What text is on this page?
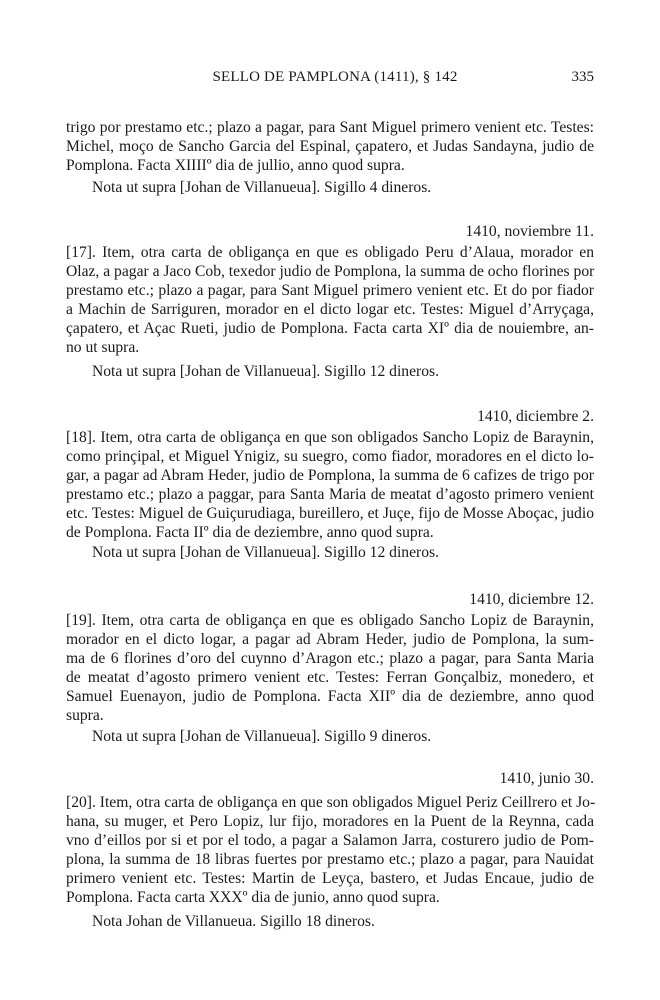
SELLO DE PAMPLONA (1411), § 142	335
trigo por prestamo etc.; plazo a pagar, para Sant Miguel primero venient etc. Testes:
Michel, moço de Sancho Garcia del Espinal, çapatero, et Judas Sandayna, judio de
Pomplona. Facta XIIIIº dia de jullio, anno quod supra.
Nota ut supra [Johan de Villanueua]. Sigillo 4 dineros.
1410, noviembre 11.
[17]. Item, otra carta de obligança en que es obligado Peru d’Alaua, morador en
Olaz, a pagar a Jaco Cob, texedor judio de Pomplona, la summa de ocho florines por
prestamo etc.; plazo a pagar, para Sant Miguel primero venient etc. Et do por fiador
a Machin de Sarriguren, morador en el dicto logar etc. Testes: Miguel d’Arryçaga,
çapatero, et Açac Rueti, judio de Pomplona. Facta carta XIº dia de nouiembre, an-
no ut supra.
Nota ut supra [Johan de Villanueua]. Sigillo 12 dineros.
1410, diciembre 2.
[18]. Item, otra carta de obligança en que son obligados Sancho Lopiz de Baraynin,
como prinçipal, et Miguel Ynigiz, su suegro, como fiador, moradores en el dicto lo-
gar, a pagar ad Abram Heder, judio de Pomplona, la summa de 6 cafizes de trigo por
prestamo etc.; plazo a paggar, para Santa Maria de meatat d’agosto primero venient
etc. Testes: Miguel de Guiçurudiaga, bureillero, et Juçe, fijo de Mosse Aboçac, judio
de Pomplona. Facta IIº dia de deziembre, anno quod supra.
Nota ut supra [Johan de Villanueua]. Sigillo 12 dineros.
1410, diciembre 12.
[19]. Item, otra carta de obligança en que es obligado Sancho Lopiz de Baraynin,
morador en el dicto logar, a pagar ad Abram Heder, judio de Pomplona, la sum-
ma de 6 florines d’oro del cuynno d’Aragon etc.; plazo a pagar, para Santa Maria
de meatat d’agosto primero venient etc. Testes: Ferran Gonçalbiz, monedero, et
Samuel Euenayon, judio de Pomplona. Facta XIIº dia de deziembre, anno quod
supra.
Nota ut supra [Johan de Villanueua]. Sigillo 9 dineros.
1410, junio 30.
[20]. Item, otra carta de obligança en que son obligados Miguel Periz Ceillrero et Jo-
hana, su muger, et Pero Lopiz, lur fijo, moradores en la Puent de la Reynna, cada
vno d’eillos por si et por el todo, a pagar a Salamon Jarra, costurero judio de Pom-
plona, la summa de 18 libras fuertes por prestamo etc.; plazo a pagar, para Nauidat
primero venient etc. Testes: Martin de Leyça, bastero, et Judas Encaue, judio de
Pomplona. Facta carta XXXº dia de junio, anno quod supra.
Nota Johan de Villanueua. Sigillo 18 dineros.
